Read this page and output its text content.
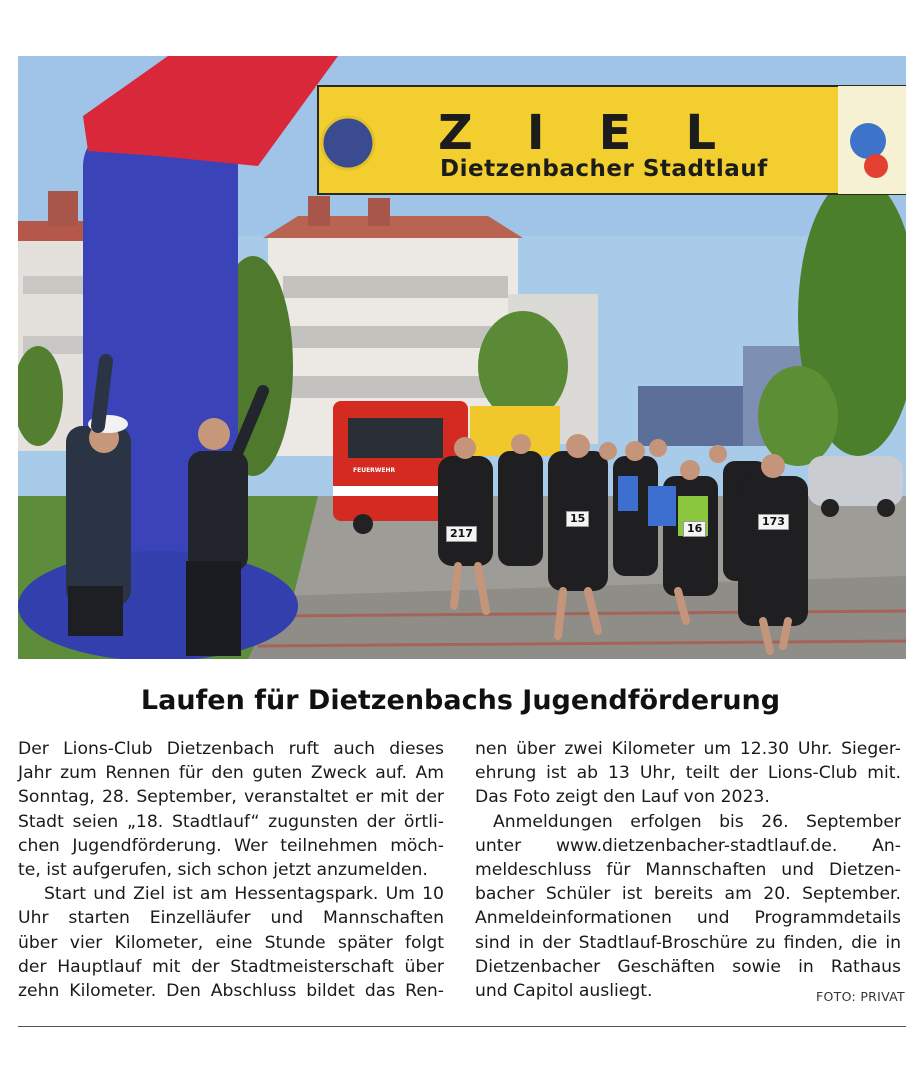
ZIEL
Dietzenbacher Stadtlauf
FEUERWEHR
217
173
15
16
Laufen für Dietzenbachs Jugendförderung
Der Lions-Club Dietzenbach ruft auch dieses
Jahr zum Rennen für den guten Zweck auf. Am
Sonntag, 28. September, veranstaltet er mit der
Stadt seien „18. Stadtlauf“ zugunsten der örtli-
chen Jugendförderung. Wer teilnehmen möch-
te, ist aufgerufen, sich schon jetzt anzumelden.
Start und Ziel ist am Hessentagspark. Um 10
Uhr starten Einzelläufer und Mannschaften
über vier Kilometer, eine Stunde später folgt
der Hauptlauf mit der Stadtmeisterschaft über
zehn Kilometer. Den Abschluss bildet das Ren-
nen über zwei Kilometer um 12.30 Uhr. Sieger-
ehrung ist ab 13 Uhr, teilt der Lions-Club mit.
Das Foto zeigt den Lauf von 2023.
Anmeldungen erfolgen bis 26. September
unter www.dietzenbacher-stadtlauf.de. An-
meldeschluss für Mannschaften und Dietzen-
bacher Schüler ist bereits am 20. September.
Anmeldeinformationen und Programmdetails
sind in der Stadtlauf-Broschüre zu finden, die in
Dietzenbacher Geschäften sowie in Rathaus
und Capitol ausliegt.	FOTO: PRIVAT
